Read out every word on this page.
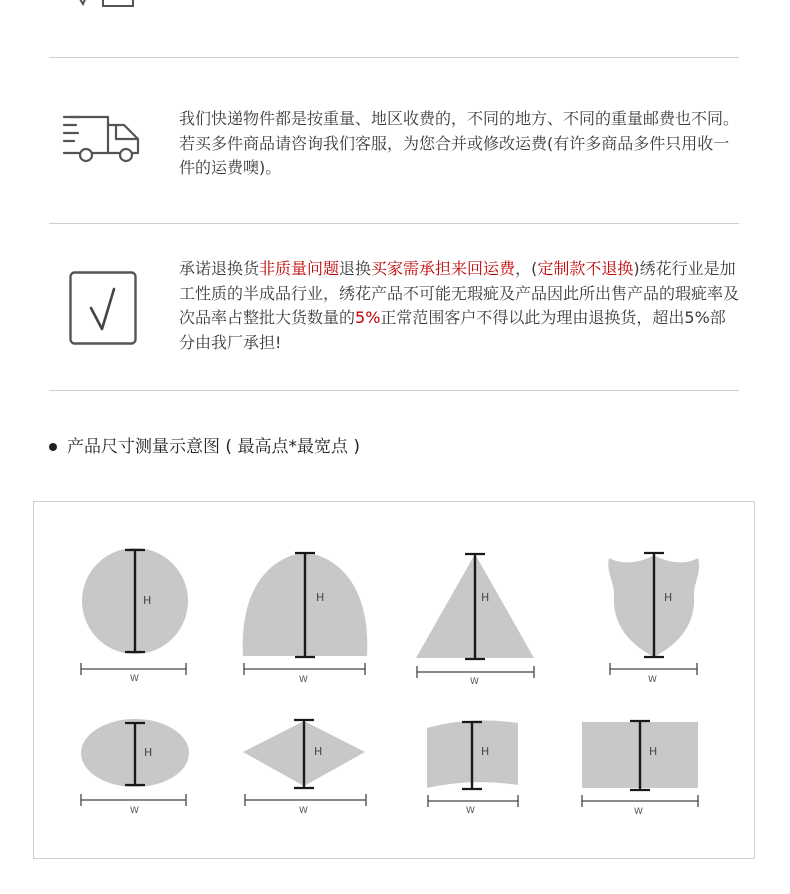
我们快递物件都是按重量、地区收费的，不同的地方、不同的重量邮费也不同。若买多件商品请咨询我们客服，为您合并或修改运费(有许多商品多件只用收一件的运费噢)。

承诺退换货非质量问题退换买家需承担来回运费，(定制款不退换)绣花行业是加工性质的半成品行业，绣花产品不可能无瑕疵及产品因此所出售产品的瑕疵率及次品率占整批大货数量的5%正常范围客户不得以此为理由退换货，超出5%部分由我厂承担!

产品尺寸测量示意图 ( 最高点*最宽点 )
H
W
H
W
H
W
H
W
H
W
H
W
H
W
H
W
